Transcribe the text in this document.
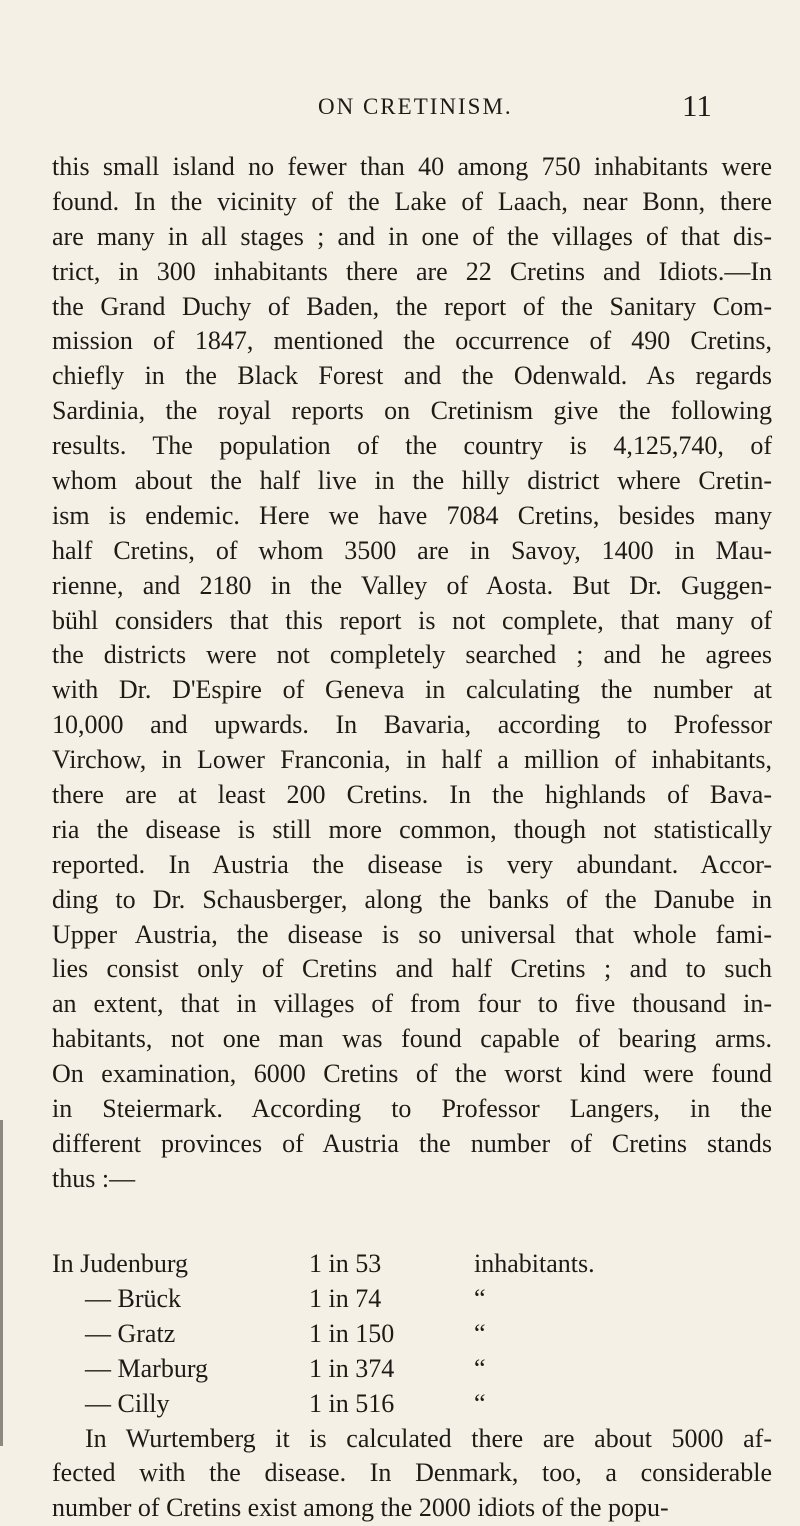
ON CRETINISM.	11
this small island no fewer than 40 among 750 inhabitants were
found. In the vicinity of the Lake of Laach, near Bonn, there
are many in all stages ; and in one of the villages of that dis-
trict, in 300 inhabitants there are 22 Cretins and Idiots.—In
the Grand Duchy of Baden, the report of the Sanitary Com-
mission of 1847, mentioned the occurrence of 490 Cretins,
chiefly in the Black Forest and the Odenwald. As regards
Sardinia, the royal reports on Cretinism give the following
results. The population of the country is 4,125,740, of
whom about the half live in the hilly district where Cretin-
ism is endemic. Here we have 7084 Cretins, besides many
half Cretins, of whom 3500 are in Savoy, 1400 in Mau-
rienne, and 2180 in the Valley of Aosta. But Dr. Guggen-
bühl considers that this report is not complete, that many of
the districts were not completely searched ; and he agrees
with Dr. D'Espire of Geneva in calculating the number at
10,000 and upwards. In Bavaria, according to Professor
Virchow, in Lower Franconia, in half a million of inhabitants,
there are at least 200 Cretins. In the highlands of Bava-
ria the disease is still more common, though not statistically
reported. In Austria the disease is very abundant. Accor-
ding to Dr. Schausberger, along the banks of the Danube in
Upper Austria, the disease is so universal that whole fami-
lies consist only of Cretins and half Cretins ; and to such
an extent, that in villages of from four to five thousand in-
habitants, not one man was found capable of bearing arms.
On examination, 6000 Cretins of the worst kind were found
in Steiermark. According to Professor Langers, in the
different provinces of Austria the number of Cretins stands
thus :—
In Judenburg	1 in 53	inhabitants.
— Brück	1 in 74	“
— Gratz	1 in 150	“
— Marburg	1 in 374	“
— Cilly	1 in 516	“
In Wurtemberg it is calculated there are about 5000 af-
fected with the disease. In Denmark, too, a considerable
number of Cretins exist among the 2000 idiots of the popu-
